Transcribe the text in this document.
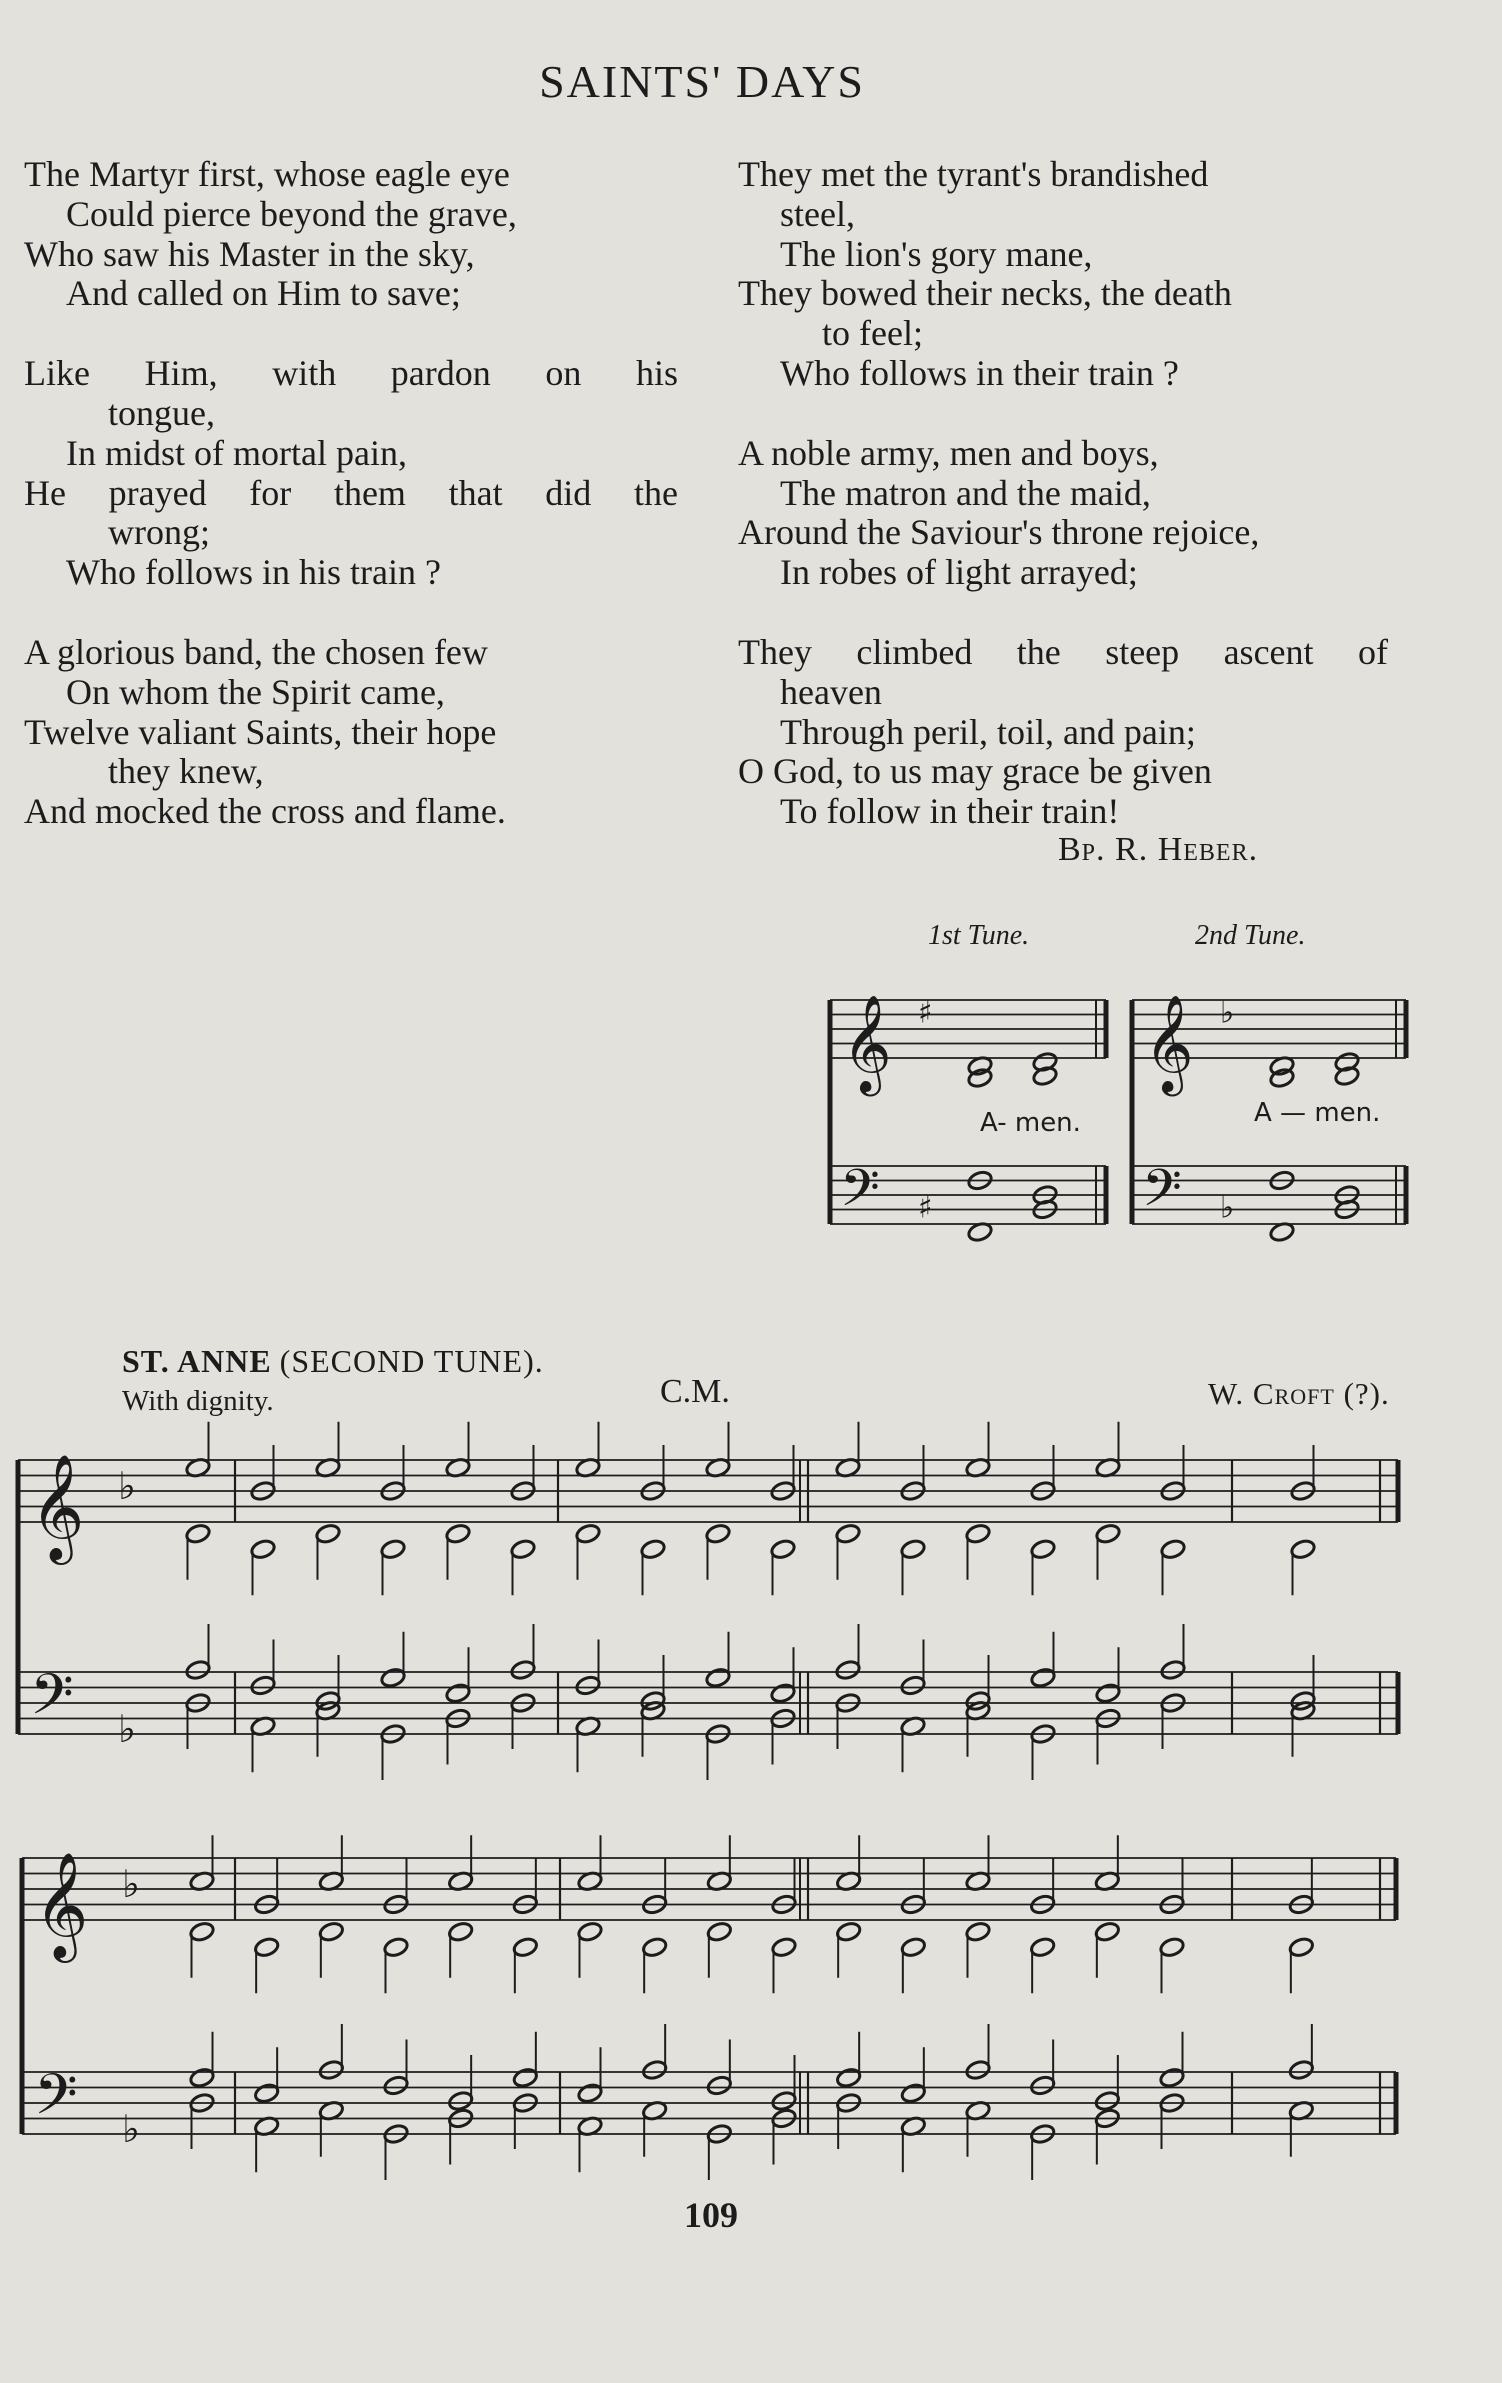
SAINTS' DAYS
The Martyr first, whose eagle eye
Could pierce beyond the grave,
Who saw his Master in the sky,
And called on Him to save;
Like Him, with pardon on his
tongue,
In midst of mortal pain,
He prayed for them that did the
wrong;
Who follows in his train ?
A glorious band, the chosen few
On whom the Spirit came,
Twelve valiant Saints, their hope
they knew,
And mocked the cross and flame.
They met the tyrant's brandished
steel,
The lion's gory mane,
They bowed their necks, the death
to feel;
Who follows in their train ?
A noble army, men and boys,
The matron and the maid,
Around the Saviour's throne rejoice,
In robes of light arrayed;
They climbed the steep ascent of
heaven
Through peril, toil, and pain;
O God, to us may grace be given
To follow in their train!
Bp. R. Heber.
1st Tune.	2nd Tune.
A- men.	A — men.
ST. ANNE (SECOND TUNE).
With dignity.	C.M.	W. Croft (?).
𝄞
𝄢
♭
♭
𝄞
𝄢
♭
♭
𝄞
𝄢
♯
♯
𝄞
𝄢
♭
♭
109
